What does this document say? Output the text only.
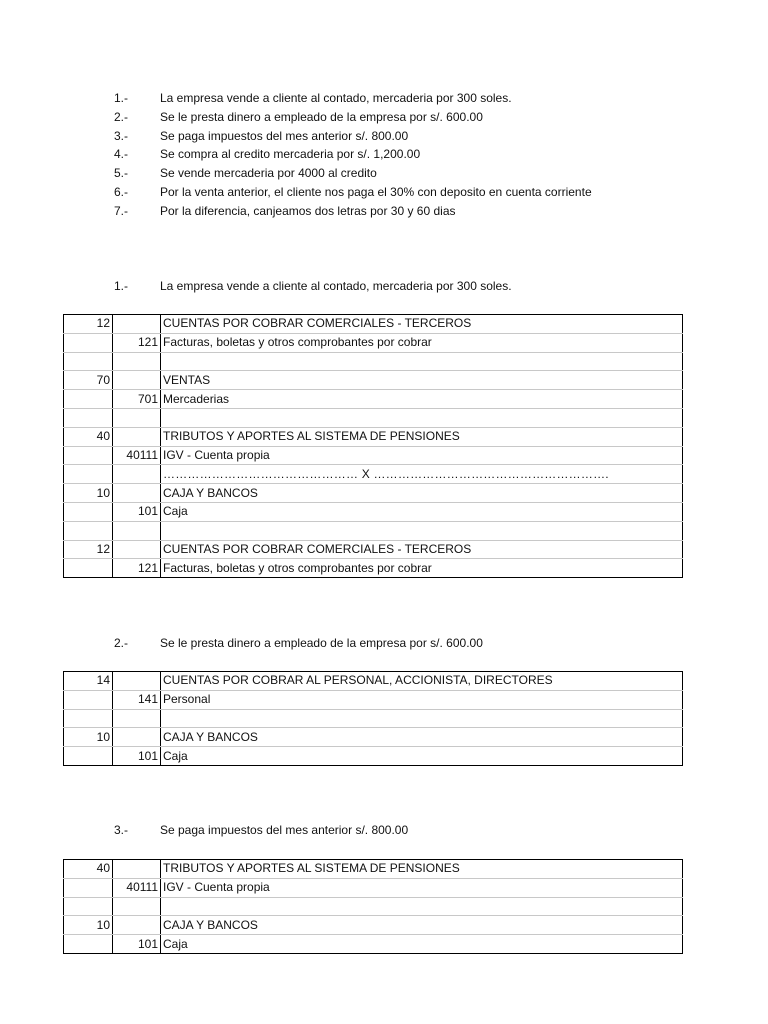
1.-	La empresa vende a cliente al contado, mercaderia por 300 soles.
2.-	Se le presta dinero a empleado de la empresa por s/. 600.00
3.-	Se paga impuestos del mes anterior s/. 800.00
4.-	Se compra al credito mercaderia por s/. 1,200.00
5.-	Se vende mercaderia por 4000 al credito
6.-	Por la venta anterior, el cliente nos paga el 30% con deposito en cuenta corriente
7.-	Por la diferencia, canjeamos dos letras por 30 y 60 dias
1.-	La empresa vende a cliente al contado, mercaderia por 300 soles.
12		CUENTAS POR COBRAR COMERCIALES - TERCEROS
	121	Facturas, boletas y otros comprobantes por cobrar

70		VENTAS
	701	Mercaderias

40		TRIBUTOS Y APORTES AL SISTEMA DE PENSIONES
	40111	IGV - Cuenta propia
		………………………………………… X ………………………………………………….
10		CAJA Y BANCOS
	101	Caja

12		CUENTAS POR COBRAR COMERCIALES - TERCEROS
	121	Facturas, boletas y otros comprobantes por cobrar
2.-	Se le presta dinero a empleado de la empresa por s/. 600.00
14		CUENTAS POR COBRAR AL PERSONAL, ACCIONISTA, DIRECTORES
	141	Personal

10		CAJA Y BANCOS
	101	Caja
3.-	Se paga impuestos del mes anterior s/. 800.00
40		TRIBUTOS Y APORTES AL SISTEMA DE PENSIONES
	40111	IGV - Cuenta propia

10		CAJA Y BANCOS
	101	Caja
